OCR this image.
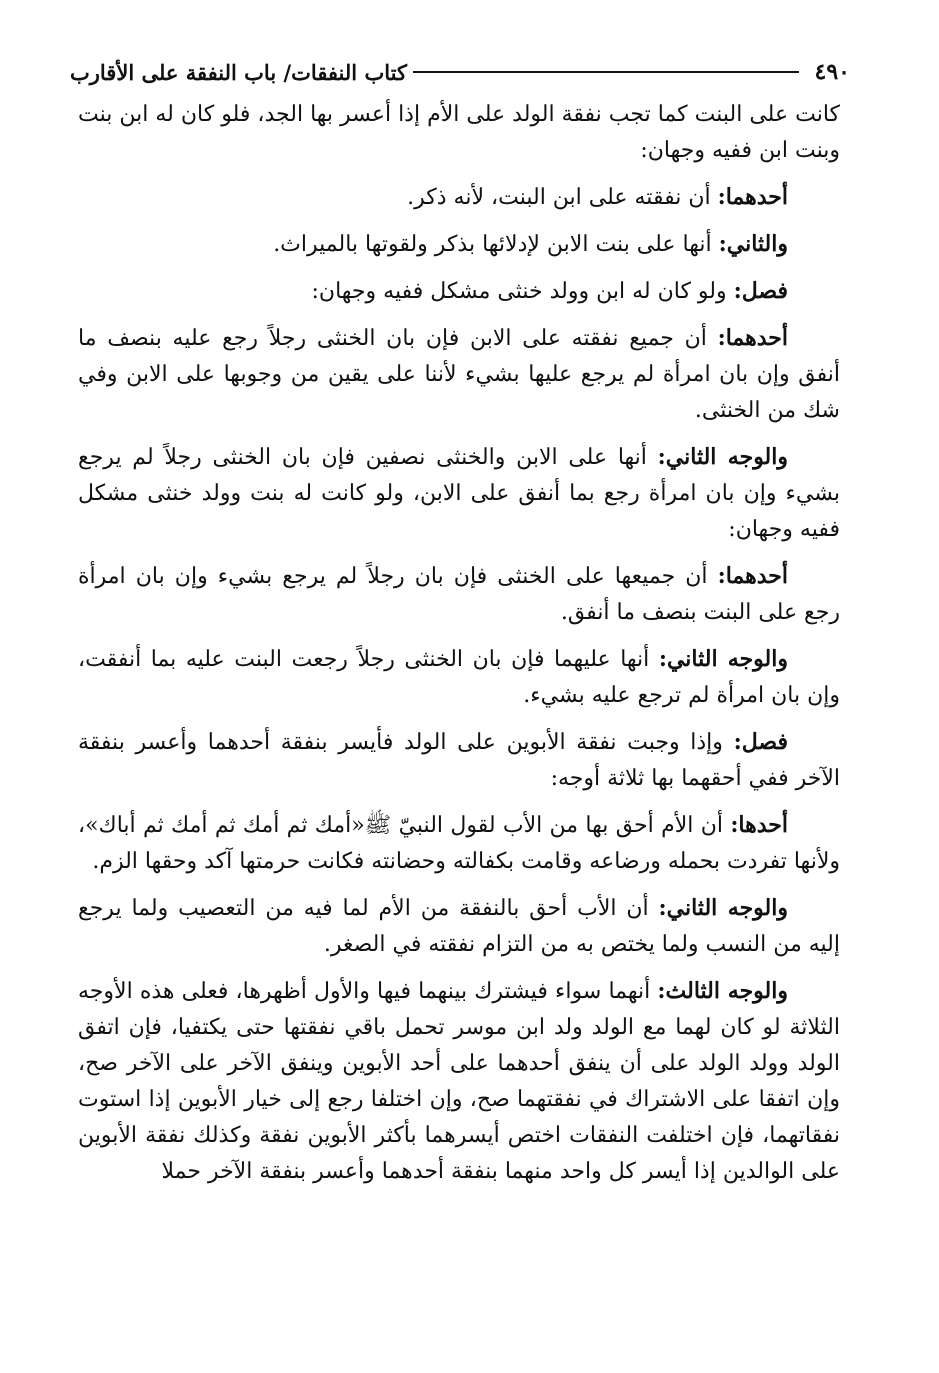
٤٩٠
كتاب النفقات/ باب النفقة على الأقارب

كانت على البنت كما تجب نفقة الولد على الأم إذا أعسر بها الجد، فلو كان له ابن بنت وبنت ابن ففيه وجهان:

أحدهما: أن نفقته على ابن البنت، لأنه ذكر.

والثاني: أنها على بنت الابن لإدلائها بذكر ولقوتها بالميراث.

فصل: ولو كان له ابن وولد خنثى مشكل ففيه وجهان:

أحدهما: أن جميع نفقته على الابن فإن بان الخنثى رجلاً رجع عليه بنصف ما أنفق وإن بان امرأة لم يرجع عليها بشيء لأننا على يقين من وجوبها على الابن وفي شك من الخنثى.

والوجه الثاني: أنها على الابن والخنثى نصفين فإن بان الخنثى رجلاً لم يرجع بشيء وإن بان امرأة رجع بما أنفق على الابن، ولو كانت له بنت وولد خنثى مشكل ففيه وجهان:

أحدهما: أن جميعها على الخنثى فإن بان رجلاً لم يرجع بشيء وإن بان امرأة رجع على البنت بنصف ما أنفق.

والوجه الثاني: أنها عليهما فإن بان الخنثى رجلاً رجعت البنت عليه بما أنفقت، وإن بان امرأة لم ترجع عليه بشيء.

فصل: وإذا وجبت نفقة الأبوين على الولد فأيسر بنفقة أحدهما وأعسر بنفقة الآخر ففي أحقهما بها ثلاثة أوجه:

أحدها: أن الأم أحق بها من الأب لقول النبيّ ﷺ«أمك ثم أمك ثم أمك ثم أباك»، ولأنها تفردت بحمله ورضاعه وقامت بكفالته وحضانته فكانت حرمتها آكد وحقها الزم.

والوجه الثاني: أن الأب أحق بالنفقة من الأم لما فيه من التعصيب ولما يرجع إليه من النسب ولما يختص به من التزام نفقته في الصغر.

والوجه الثالث: أنهما سواء فيشترك بينهما فيها والأول أظهرها، فعلى هذه الأوجه الثلاثة لو كان لهما مع الولد ولد ابن موسر تحمل باقي نفقتها حتى يكتفيا، فإن اتفق الولد وولد الولد على أن ينفق أحدهما على أحد الأبوين وينفق الآخر على الآخر صح، وإن اتفقا على الاشتراك في نفقتهما صح، وإن اختلفا رجع إلى خيار الأبوين إذا استوت نفقاتهما، فإن اختلفت النفقات اختص أيسرهما بأكثر الأبوين نفقة وكذلك نفقة الأبوين على الوالدين إذا أيسر كل واحد منهما بنفقة أحدهما وأعسر بنفقة الآخر حملا
